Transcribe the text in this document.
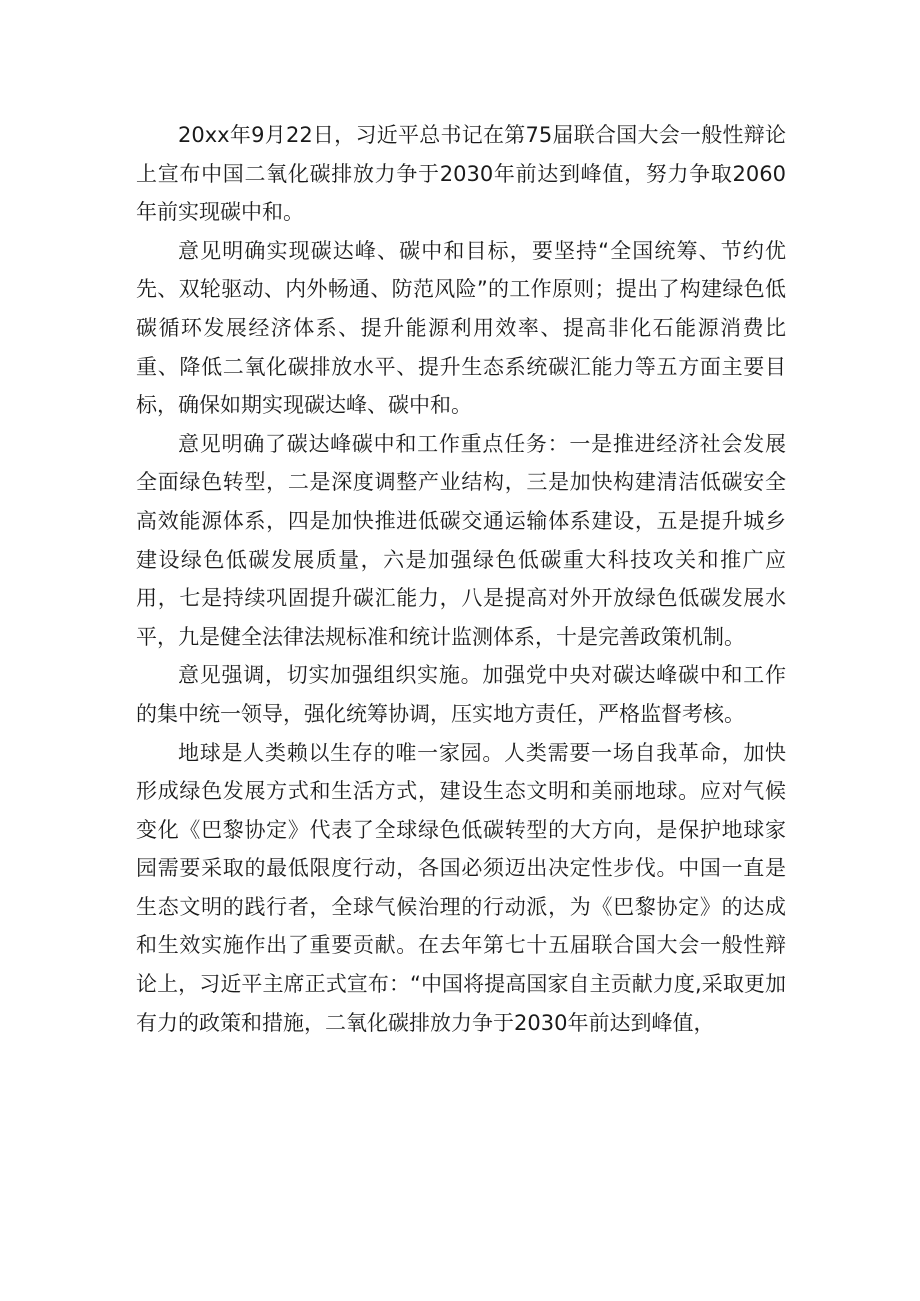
20xx年9月22日，习近平总书记在第75届联合国大会一般性辩论上宣布中国二氧化碳排放力争于2030年前达到峰值，努力争取2060年前实现碳中和。

意见明确实现碳达峰、碳中和目标，要坚持“全国统筹、节约优先、双轮驱动、内外畅通、防范风险”的工作原则；提出了构建绿色低碳循环发展经济体系、提升能源利用效率、提高非化石能源消费比重、降低二氧化碳排放水平、提升生态系统碳汇能力等五方面主要目标，确保如期实现碳达峰、碳中和。

意见明确了碳达峰碳中和工作重点任务：一是推进经济社会发展全面绿色转型，二是深度调整产业结构，三是加快构建清洁低碳安全高效能源体系，四是加快推进低碳交通运输体系建设，五是提升城乡建设绿色低碳发展质量，六是加强绿色低碳重大科技攻关和推广应用，七是持续巩固提升碳汇能力，八是提高对外开放绿色低碳发展水平，九是健全法律法规标准和统计监测体系，十是完善政策机制。

意见强调，切实加强组织实施。加强党中央对碳达峰碳中和工作的集中统一领导，强化统筹协调，压实地方责任，严格监督考核。

地球是人类赖以生存的唯一家园。人类需要一场自我革命，加快形成绿色发展方式和生活方式，建设生态文明和美丽地球。应对气候变化《巴黎协定》代表了全球绿色低碳转型的大方向，是保护地球家园需要采取的最低限度行动，各国必须迈出决定性步伐。中国一直是生态文明的践行者，全球气候治理的行动派，为《巴黎协定》的达成和生效实施作出了重要贡献。在去年第七十五届联合国大会一般性辩论上，习近平主席正式宣布：“中国将提高国家自主贡献力度,采取更加有力的政策和措施，二氧化碳排放力争于2030年前达到峰值，
